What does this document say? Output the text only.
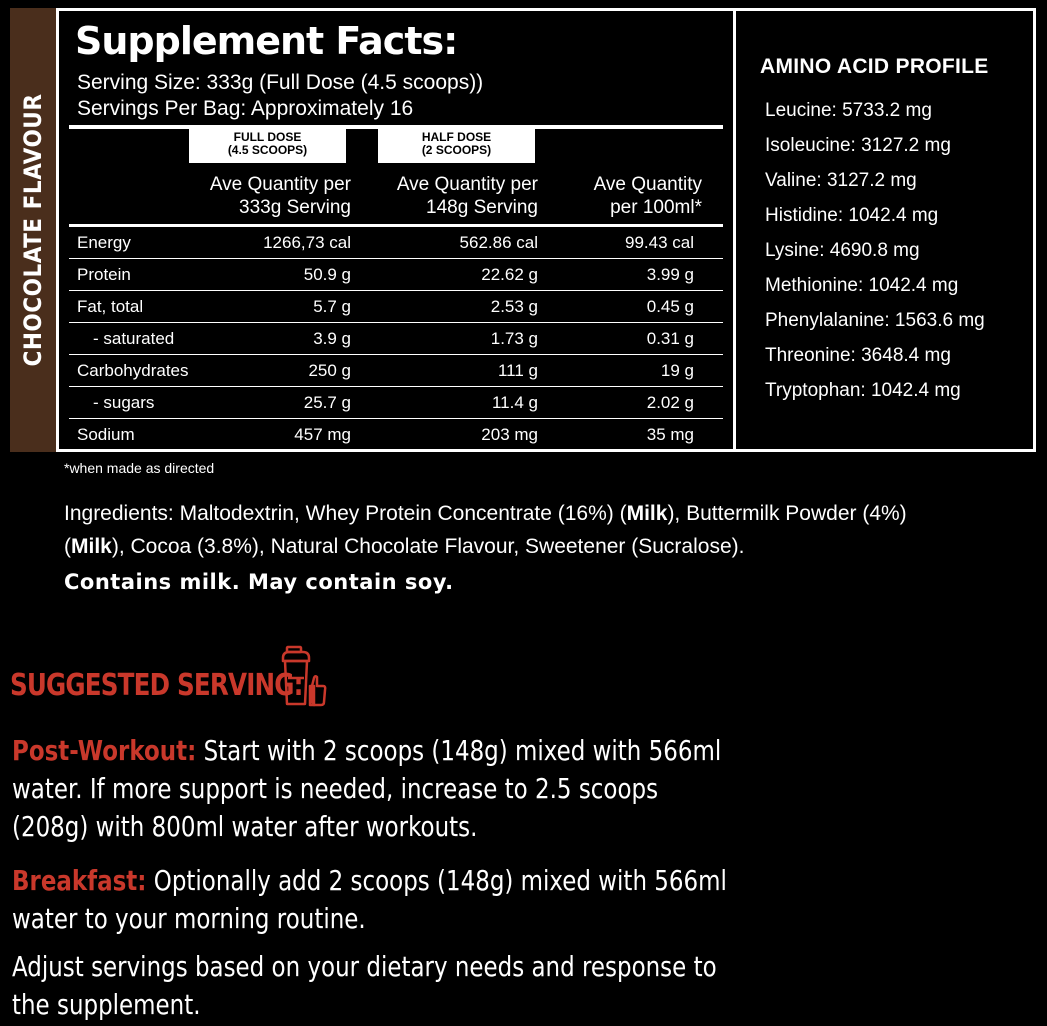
CHOCOLATE FLAVOUR
Supplement Facts:
Serving Size: 333g (Full Dose (4.5 scoops))
Servings Per Bag: Approximately 16
FULL DOSE
(4.5 SCOOPS)
HALF DOSE
(2 SCOOPS)
Ave Quantity per
333g Serving
Ave Quantity per
148g Serving
Ave Quantity
per 100ml*
Energy	1266,73 cal	562.86 cal	99.43 cal
Protein	50.9 g	22.62 g	3.99 g
Fat, total	5.7 g	2.53 g	0.45 g
- saturated	3.9 g	1.73 g	0.31 g
Carbohydrates	250 g	111 g	19 g
- sugars	25.7 g	11.4 g	2.02 g
Sodium	457 mg	203 mg	35 mg
AMINO ACID PROFILE
Leucine: 5733.2 mg
Isoleucine: 3127.2 mg
Valine: 3127.2 mg
Histidine: 1042.4 mg
Lysine: 4690.8 mg
Methionine: 1042.4 mg
Phenylalanine: 1563.6 mg
Threonine: 3648.4 mg
Tryptophan: 1042.4 mg
*when made as directed
Ingredients: Maltodextrin, Whey Protein Concentrate (16%) (Milk), Buttermilk Powder (4%) (Milk), Cocoa (3.8%), Natural Chocolate Flavour, Sweetener (Sucralose).
Contains milk. May contain soy.
SUGGESTED SERVING:
Post-Workout: Start with 2 scoops (148g) mixed with 566ml water. If more support is needed, increase to 2.5 scoops (208g) with 800ml water after workouts.
Breakfast: Optionally add 2 scoops (148g) mixed with 566ml water to your morning routine.
Adjust servings based on your dietary needs and response to the supplement.
